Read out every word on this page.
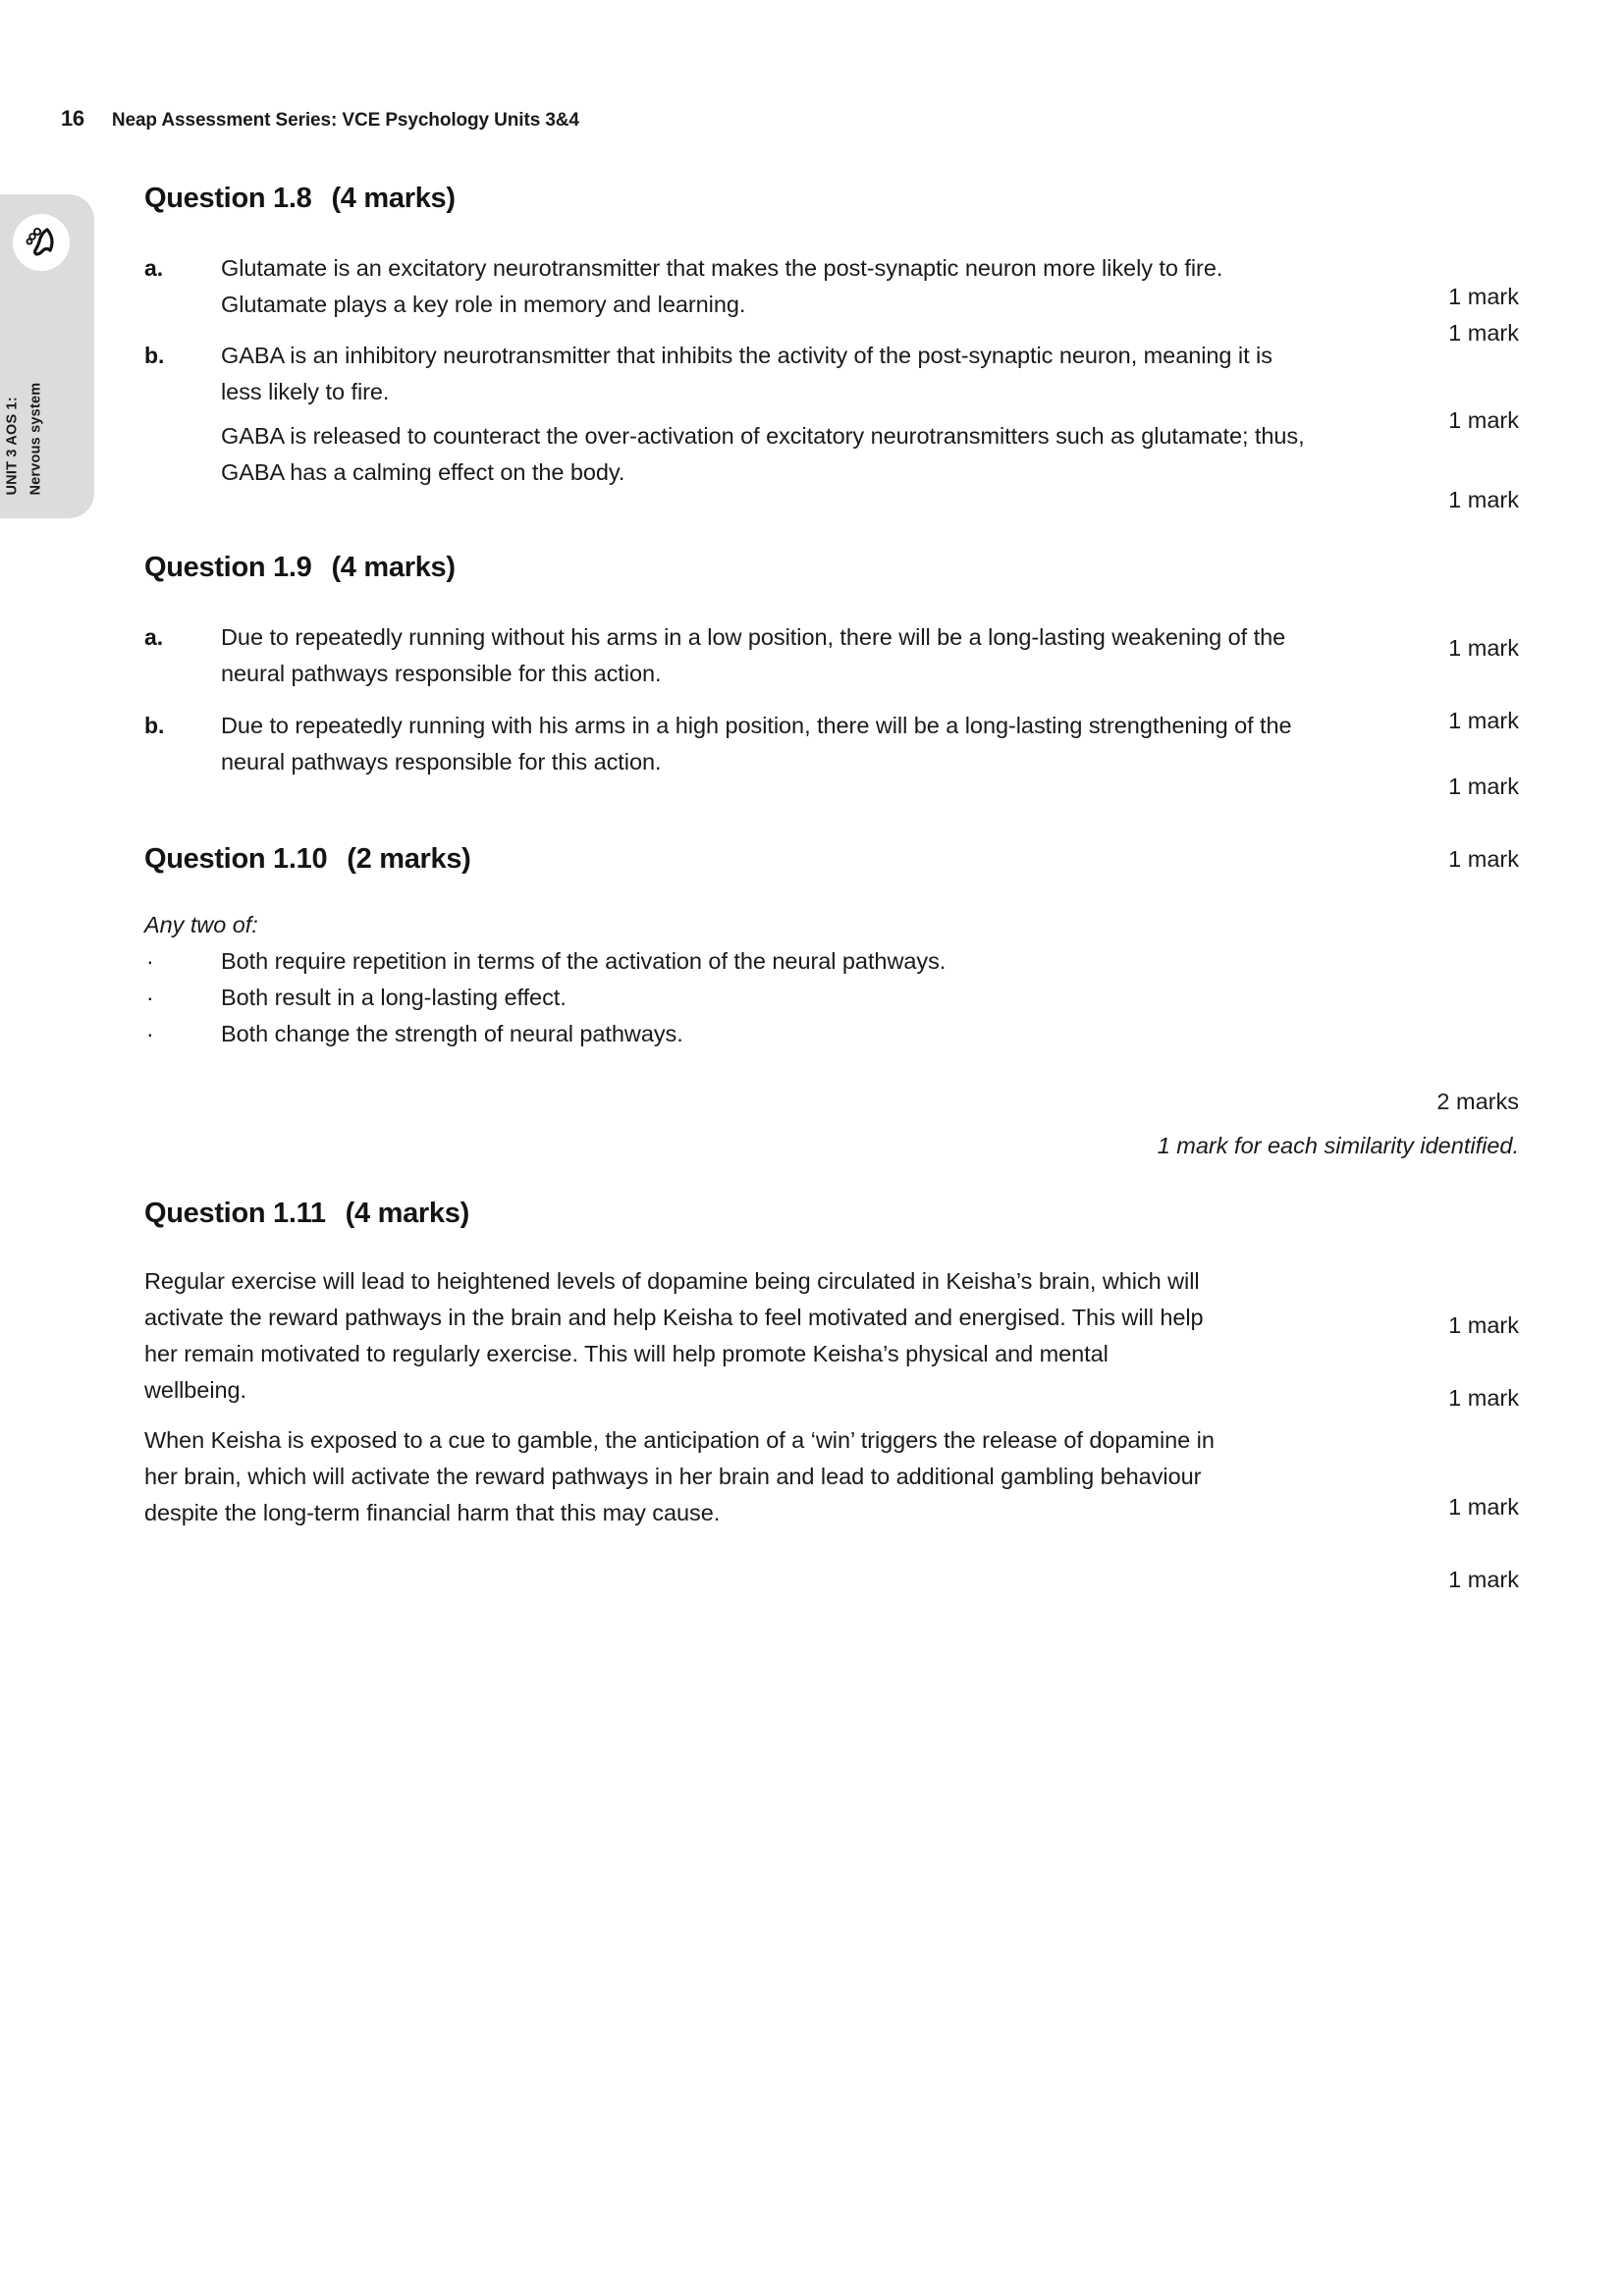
16 Neap Assessment Series: VCE Psychology Units 3&4
UNIT 3 AOS 1: Nervous system
Question 1.8 (4 marks)
a.	Glutamate is an excitatory neurotransmitter that makes the post-synaptic neuron more likely to fire.
Glutamate plays a key role in memory and learning.
b.	GABA is an inhibitory neurotransmitter that inhibits the activity of the post-synaptic neuron, meaning it is less likely to fire.
GABA is released to counteract the over-activation of excitatory neurotransmitters such as glutamate; thus, GABA has a calming effect on the body.
1 mark
1 mark
1 mark
1 mark
Question 1.9 (4 marks)
a.	Due to repeatedly running without his arms in a low position, there will be a long-lasting weakening of the neural pathways responsible for this action.
b.	Due to repeatedly running with his arms in a high position, there will be a long-lasting strengthening of the neural pathways responsible for this action.
1 mark
1 mark
1 mark
1 mark
Question 1.10 (2 marks)
Any two of:
·	Both require repetition in terms of the activation of the neural pathways.
·	Both result in a long-lasting effect.
·	Both change the strength of neural pathways.
2 marks
1 mark for each similarity identified.
Question 1.11 (4 marks)
Regular exercise will lead to heightened levels of dopamine being circulated in Keisha’s brain, which will activate the reward pathways in the brain and help Keisha to feel motivated and energised. This will help her remain motivated to regularly exercise. This will help promote Keisha’s physical and mental wellbeing.
When Keisha is exposed to a cue to gamble, the anticipation of a ‘win’ triggers the release of dopamine in her brain, which will activate the reward pathways in her brain and lead to additional gambling behaviour despite the long-term financial harm that this may cause.
1 mark
1 mark
1 mark
1 mark
